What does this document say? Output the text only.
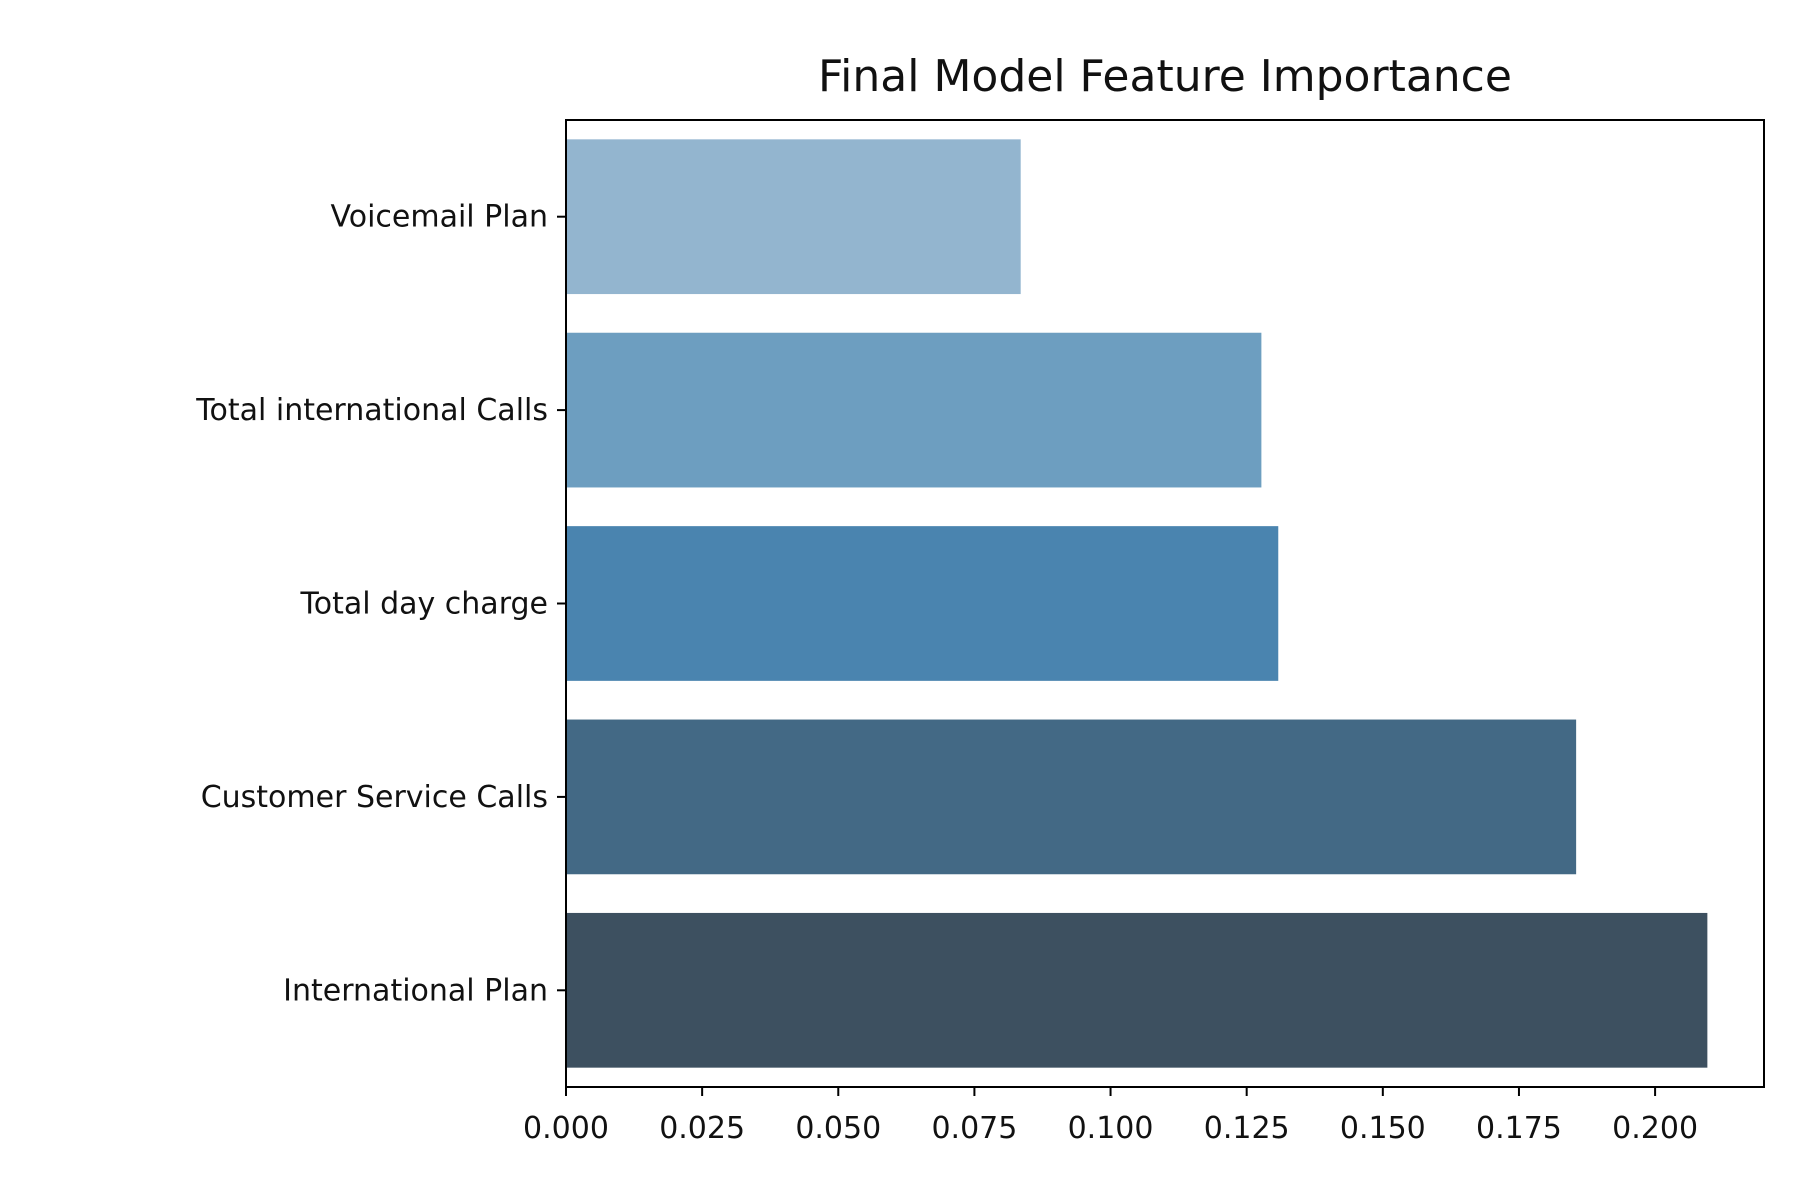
Final Model Feature Importance
Voicemail Plan
Total international Calls
Total day charge
Customer Service Calls
International Plan
0.000 0.025 0.050 0.075 0.100 0.125 0.150 0.175 0.200
